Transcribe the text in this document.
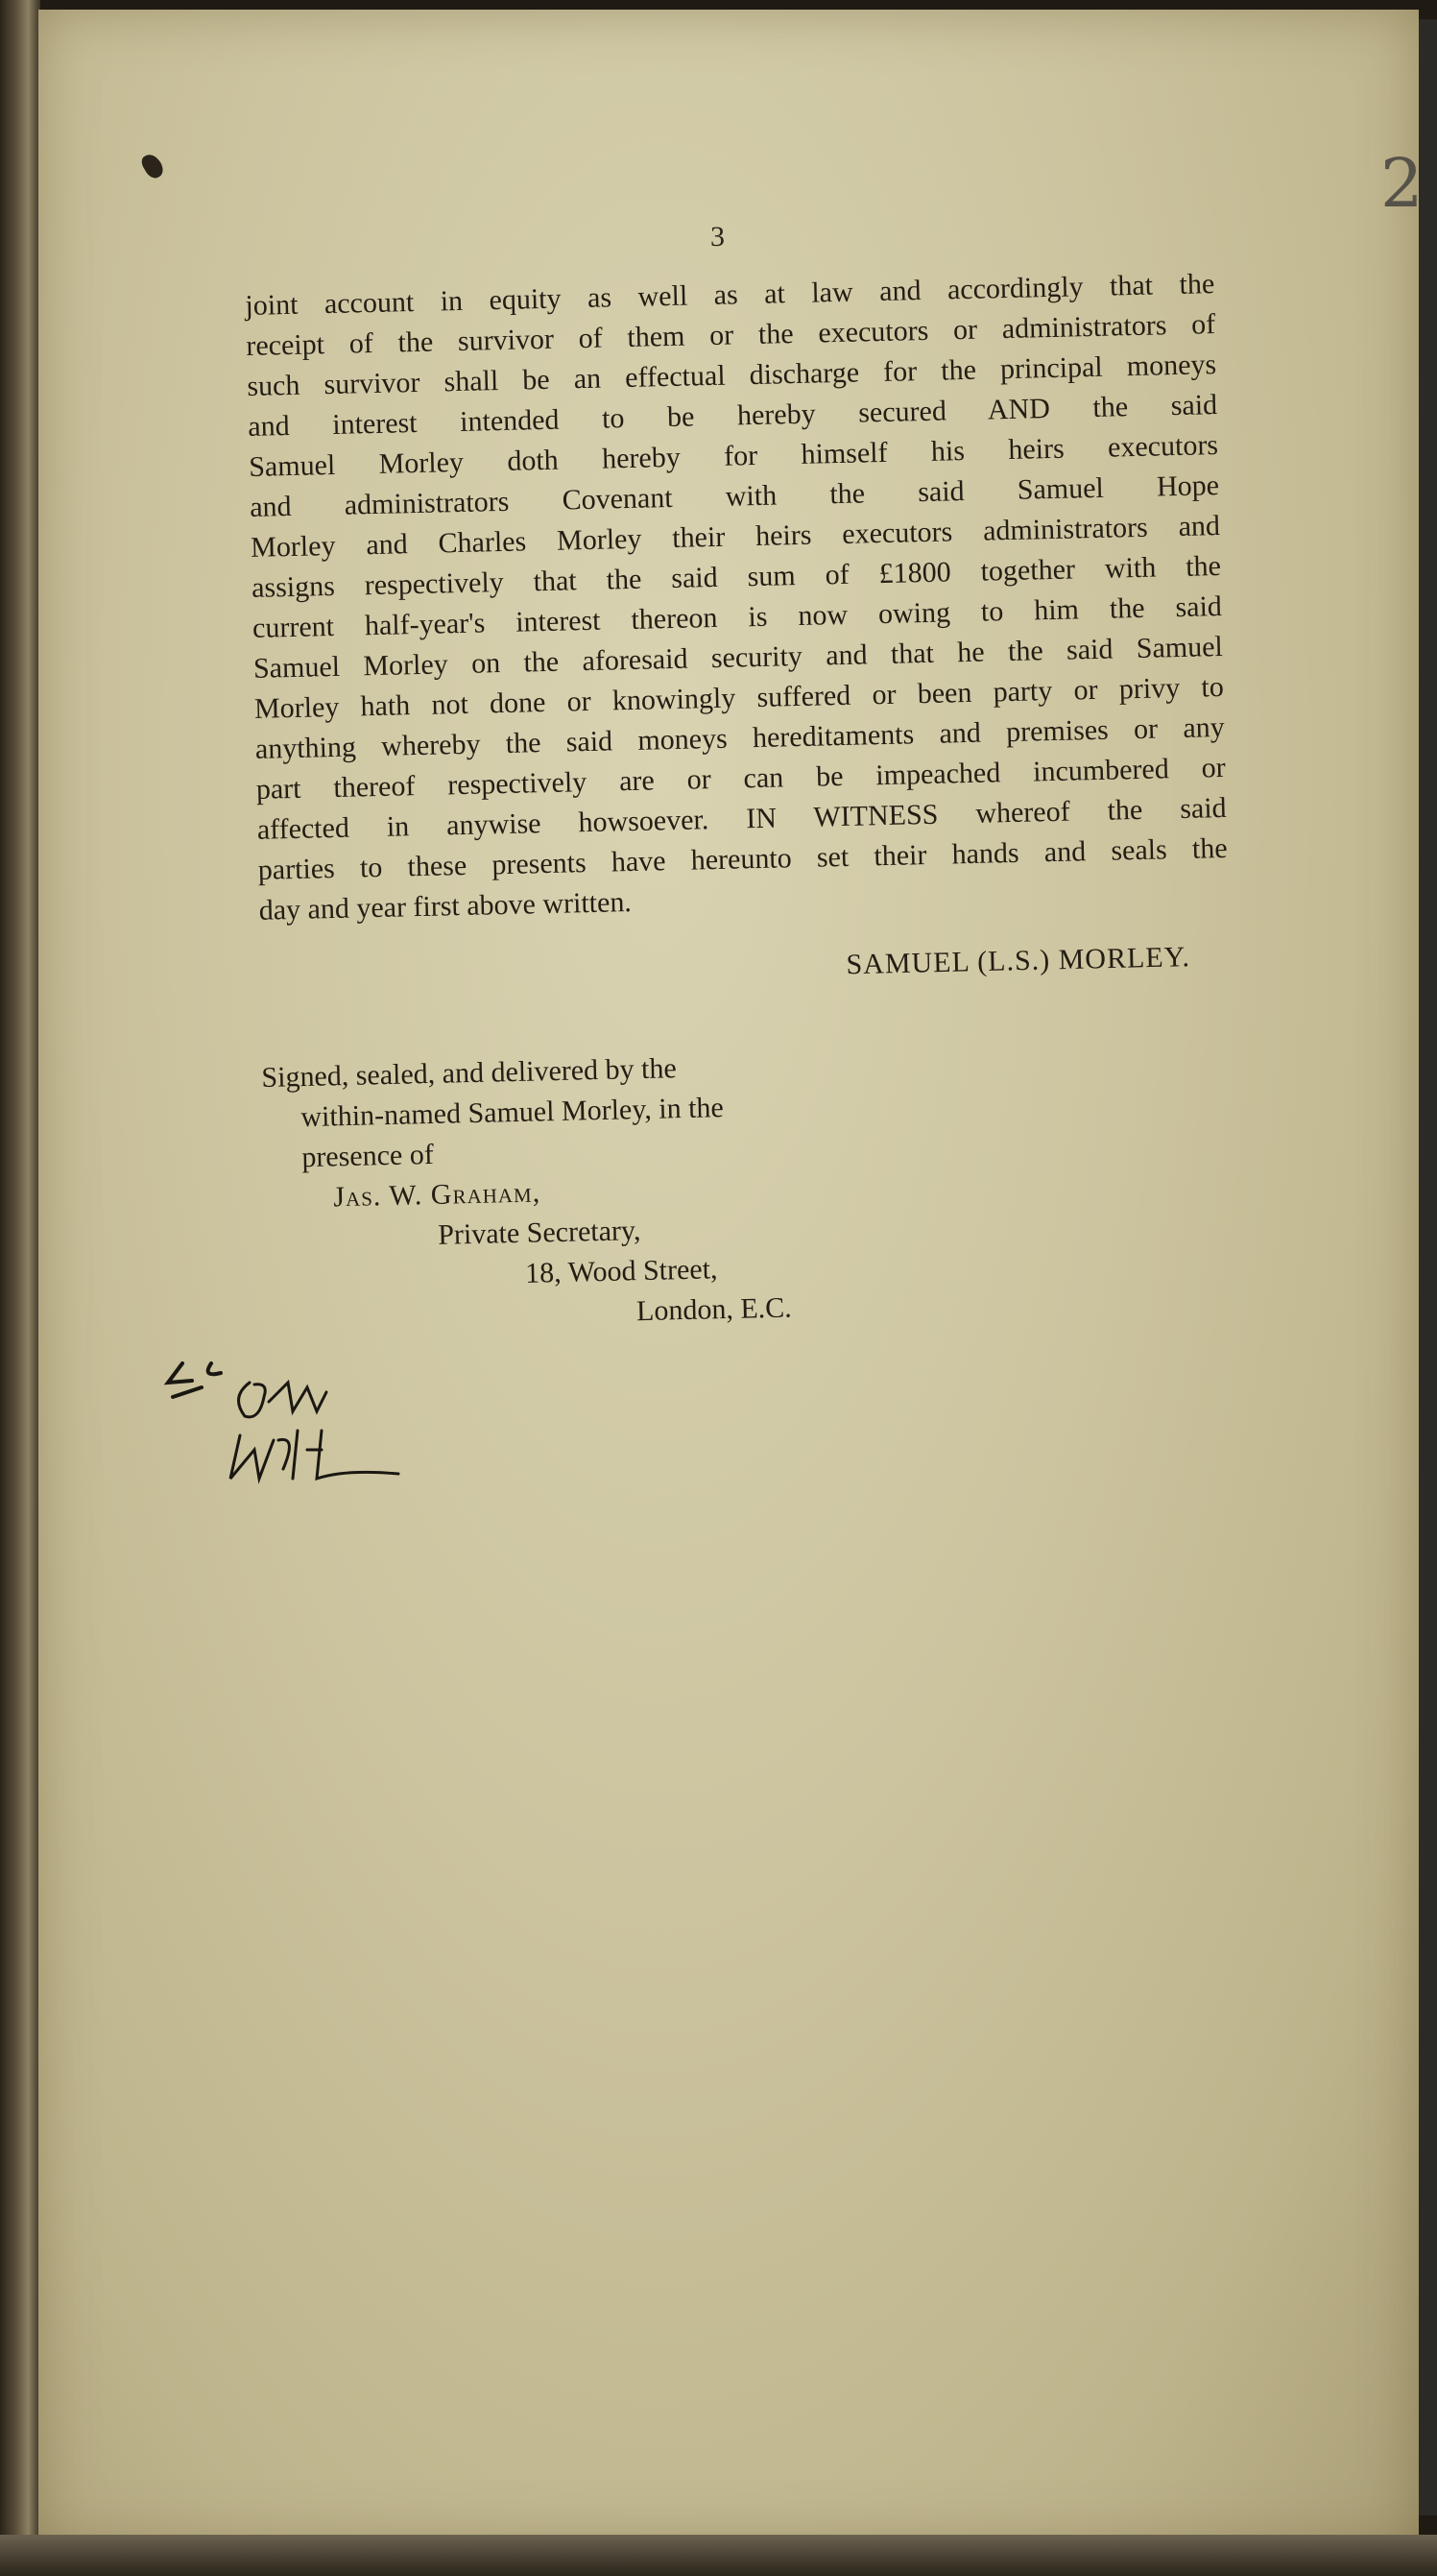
2
3
joint account in equity as well as at law and accordingly that the
receipt of the survivor of them or the executors or administrators of
such survivor shall be an effectual discharge for the principal moneys
and interest intended to be hereby secured AND the said
Samuel Morley doth hereby for himself his heirs executors
and administrators Covenant with the said Samuel Hope
Morley and Charles Morley their heirs executors administrators and
assigns respectively that the said sum of £1800 together with the
current half-year's interest thereon is now owing to him the said
Samuel Morley on the aforesaid security and that he the said Samuel
Morley hath not done or knowingly suffered or been party or privy to
anything whereby the said moneys hereditaments and premises or any
part thereof respectively are or can be impeached incumbered or
affected in anywise howsoever. IN WITNESS whereof the said
parties to these presents have hereunto set their hands and seals the
day and year first above written.
SAMUEL (L.S.) MORLEY.
Signed, sealed, and delivered by the
within-named Samuel Morley, in the
presence of
Jas. W. Graham,
Private Secretary,
18, Wood Street,
London, E.C.
